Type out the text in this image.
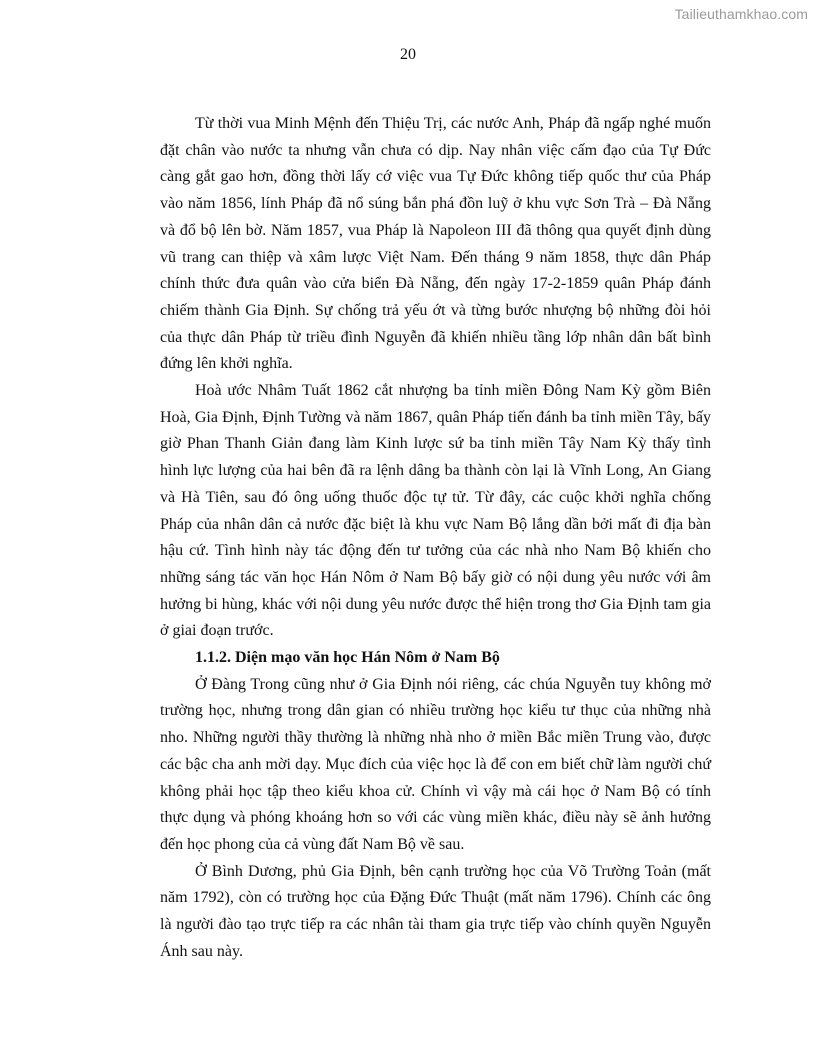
Tailieuthamkhao.com
20

Từ thời vua Minh Mệnh đến Thiệu Trị, các nước Anh, Pháp đã ngấp nghé muốn đặt chân vào nước ta nhưng vẫn chưa có dịp. Nay nhân việc cấm đạo của Tự Đức càng gắt gao hơn, đồng thời lấy cớ việc vua Tự Đức không tiếp quốc thư của Pháp vào năm 1856, lính Pháp đã nổ súng bắn phá đồn luỹ ở khu vực Sơn Trà – Đà Nẵng và đổ bộ lên bờ. Năm 1857, vua Pháp là Napoleon III đã thông qua quyết định dùng vũ trang can thiệp và xâm lược Việt Nam. Đến tháng 9 năm 1858, thực dân Pháp chính thức đưa quân vào cửa biển Đà Nẵng, đến ngày 17-2-1859 quân Pháp đánh chiếm thành Gia Định. Sự chống trả yếu ớt và từng bước nhượng bộ những đòi hỏi của thực dân Pháp từ triều đình Nguyễn đã khiến nhiều tầng lớp nhân dân bất bình đứng lên khởi nghĩa.

Hoà ước Nhâm Tuất 1862 cắt nhượng ba tỉnh miền Đông Nam Kỳ gồm Biên Hoà, Gia Định, Định Tường và năm 1867, quân Pháp tiến đánh ba tỉnh miền Tây, bấy giờ Phan Thanh Giản đang làm Kinh lược sứ ba tỉnh miền Tây Nam Kỳ thấy tình hình lực lượng của hai bên đã ra lệnh dâng ba thành còn lại là Vĩnh Long, An Giang và Hà Tiên, sau đó ông uống thuốc độc tự tử. Từ đây, các cuộc khởi nghĩa chống Pháp của nhân dân cả nước đặc biệt là khu vực Nam Bộ lắng dần bởi mất đi địa bàn hậu cứ. Tình hình này tác động đến tư tưởng của các nhà nho Nam Bộ khiến cho những sáng tác văn học Hán Nôm ở Nam Bộ bấy giờ có nội dung yêu nước với âm hưởng bi hùng, khác với nội dung yêu nước được thể hiện trong thơ Gia Định tam gia ở giai đoạn trước.

1.1.2. Diện mạo văn học Hán Nôm ở Nam Bộ

Ở Đàng Trong cũng như ở Gia Định nói riêng, các chúa Nguyễn tuy không mở trường học, nhưng trong dân gian có nhiều trường học kiểu tư thục của những nhà nho. Những người thầy thường là những nhà nho ở miền Bắc miền Trung vào, được các bậc cha anh mời dạy. Mục đích của việc học là để con em biết chữ làm người chứ không phải học tập theo kiểu khoa cử. Chính vì vậy mà cái học ở Nam Bộ có tính thực dụng và phóng khoáng hơn so với các vùng miền khác, điều này sẽ ảnh hưởng đến học phong của cả vùng đất Nam Bộ về sau.

Ở Bình Dương, phủ Gia Định, bên cạnh trường học của Võ Trường Toản (mất năm 1792), còn có trường học của Đặng Đức Thuật (mất năm 1796). Chính các ông là người đào tạo trực tiếp ra các nhân tài tham gia trực tiếp vào chính quyền Nguyễn Ánh sau này.
